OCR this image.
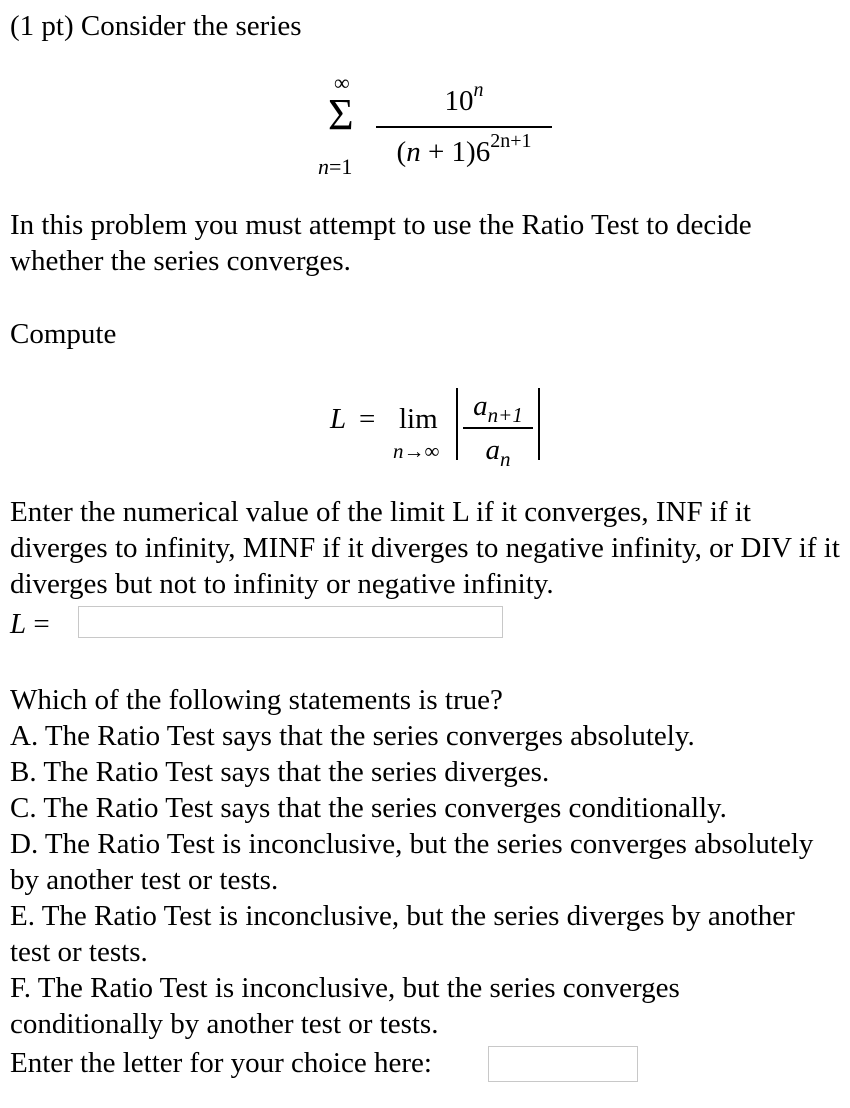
(1 pt) Consider the series

∞
Σ
n=1
10$^n$
$(n + 1)6^{2n+1}$

In this problem you must attempt to use the Ratio Test to decide whether the series converges.

Compute

L = lim
n→∞
$a_{n+1}$
$a_n$

Enter the numerical value of the limit L if it converges, INF if it diverges to infinity, MINF if it diverges to negative infinity, or DIV if it diverges but not to infinity or negative infinity.

L =

Which of the following statements is true?

A. The Ratio Test says that the series converges absolutely.
B. The Ratio Test says that the series diverges.
C. The Ratio Test says that the series converges conditionally.
D. The Ratio Test is inconclusive, but the series converges absolutely by another test or tests.
E. The Ratio Test is inconclusive, but the series diverges by another test or tests.
F. The Ratio Test is inconclusive, but the series converges conditionally by another test or tests.
Enter the letter for your choice here:
